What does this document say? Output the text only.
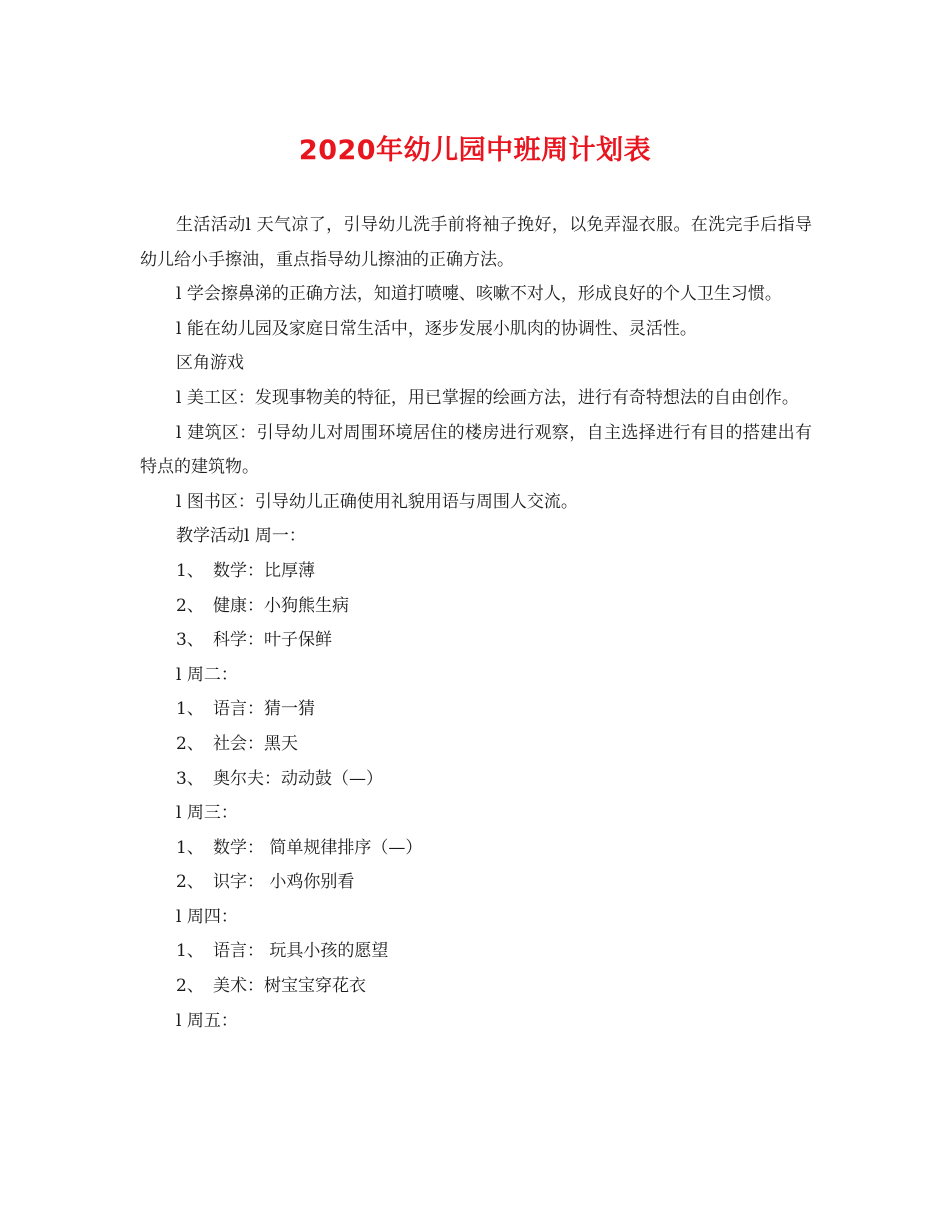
2020年幼儿园中班周计划表

生活活动l 天气凉了，引导幼儿洗手前将袖子挽好，以免弄湿衣服。在洗完手后指导幼儿给小手擦油，重点指导幼儿擦油的正确方法。

l 学会擦鼻涕的正确方法，知道打喷嚏、咳嗽不对人，形成良好的个人卫生习惯。

l 能在幼儿园及家庭日常生活中，逐步发展小肌肉的协调性、灵活性。

区角游戏

l 美工区：发现事物美的特征，用已掌握的绘画方法，进行有奇特想法的自由创作。

l 建筑区：引导幼儿对周围环境居住的楼房进行观察，自主选择进行有目的搭建出有特点的建筑物。

l 图书区：引导幼儿正确使用礼貌用语与周围人交流。

教学活动l 周一：

1、 数学：比厚薄

2、 健康：小狗熊生病

3、 科学：叶子保鲜

l 周二：

1、 语言：猜一猜

2、 社会：黑天

3、 奥尔夫：动动鼓（—）

l 周三：

1、 数学： 简单规律排序（—）

2、 识字： 小鸡你别看

l 周四：

1、 语言： 玩具小孩的愿望

2、 美术：树宝宝穿花衣

l 周五：
